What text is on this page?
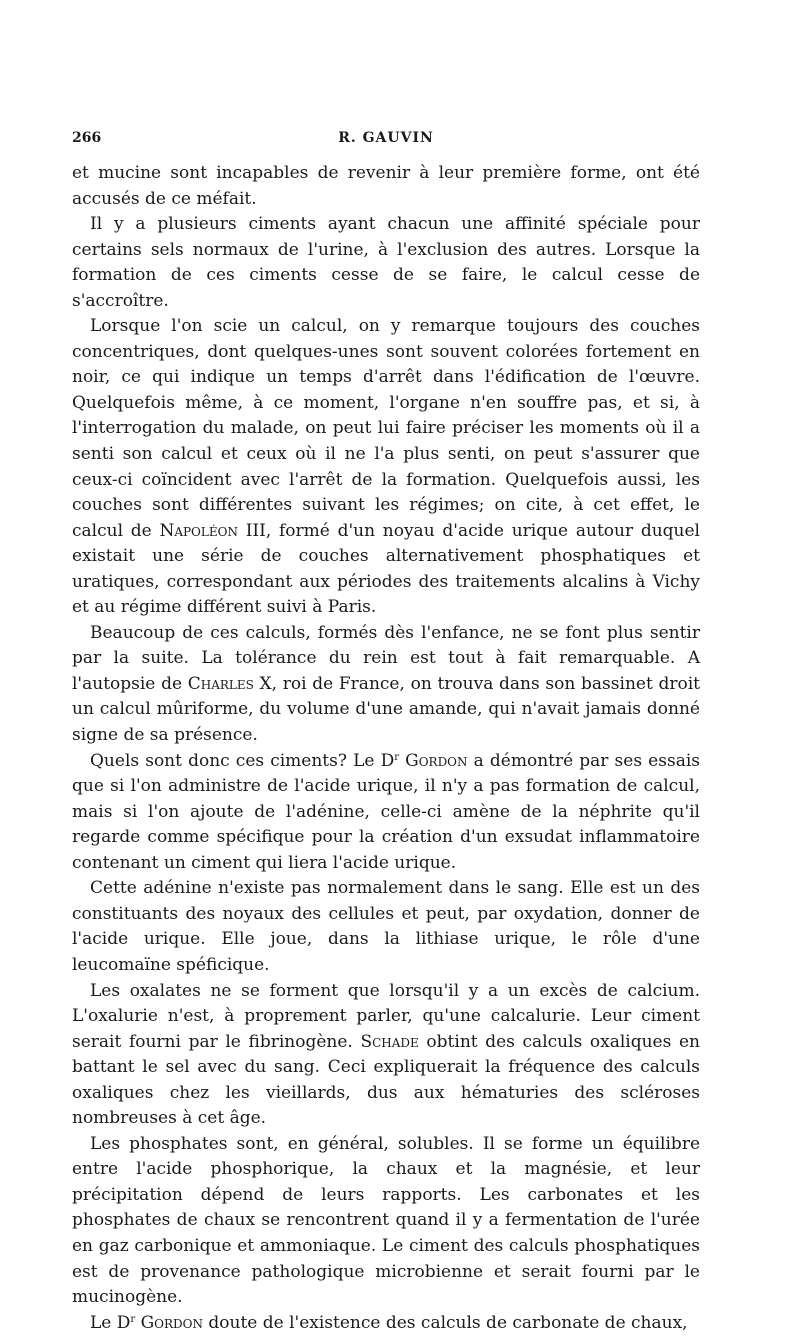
266	R. GAUVIN

et mucine sont incapables de revenir à leur première forme, ont été accusés de ce méfait.

Il y a plusieurs ciments ayant chacun une affinité spéciale pour certains sels normaux de l'urine, à l'exclusion des autres. Lorsque la formation de ces ciments cesse de se faire, le calcul cesse de s'accroître.

Lorsque l'on scie un calcul, on y remarque toujours des couches concentriques, dont quelques-unes sont souvent colorées fortement en noir, ce qui indique un temps d'arrêt dans l'édification de l'œuvre. Quelquefois même, à ce moment, l'organe n'en souffre pas, et si, à l'interrogation du malade, on peut lui faire préciser les moments où il a senti son calcul et ceux où il ne l'a plus senti, on peut s'assurer que ceux-ci coïncident avec l'arrêt de la formation. Quelquefois aussi, les couches sont différentes suivant les régimes; on cite, à cet effet, le calcul de Napoléon III, formé d'un noyau d'acide urique autour duquel existait une série de couches alternativement phosphatiques et uratiques, correspondant aux périodes des traitements alcalins à Vichy et au régime différent suivi à Paris.

Beaucoup de ces calculs, formés dès l'enfance, ne se font plus sentir par la suite. La tolérance du rein est tout à fait remarquable. A l'autopsie de Charles X, roi de France, on trouva dans son bassinet droit un calcul mûriforme, du volume d'une amande, qui n'avait jamais donné signe de sa présence.

Quels sont donc ces ciments? Le $D^r$ Gordon a démontré par ses essais que si l'on administre de l'acide urique, il n'y a pas formation de calcul, mais si l'on ajoute de l'adénine, celle-ci amène de la néphrite qu'il regarde comme spécifique pour la création d'un exsudat inflammatoire contenant un ciment qui liera l'acide urique.

Cette adénine n'existe pas normalement dans le sang. Elle est un des constituants des noyaux des cellules et peut, par oxydation, donner de l'acide urique. Elle joue, dans la lithiase urique, le rôle d'une leucomaïne spéficique.

Les oxalates ne se forment que lorsqu'il y a un excès de calcium. L'oxalurie n'est, à proprement parler, qu'une calcalurie. Leur ciment serait fourni par le fibrinogène. Schade obtint des calculs oxaliques en battant le sel avec du sang. Ceci expliquerait la fréquence des calculs oxaliques chez les vieillards, dus aux hématuries des scléroses nombreuses à cet âge.

Les phosphates sont, en général, solubles. Il se forme un équilibre entre l'acide phosphorique, la chaux et la magnésie, et leur précipitation dépend de leurs rapports. Les carbonates et les phosphates de chaux se rencontrent quand il y a fermentation de l'urée en gaz carbonique et ammoniaque. Le ciment des calculs phosphatiques est de provenance pathologique microbienne et serait fourni par le mucinogène.

Le $D^r$ Gordon doute de l'existence des calculs de carbonate de chaux,
